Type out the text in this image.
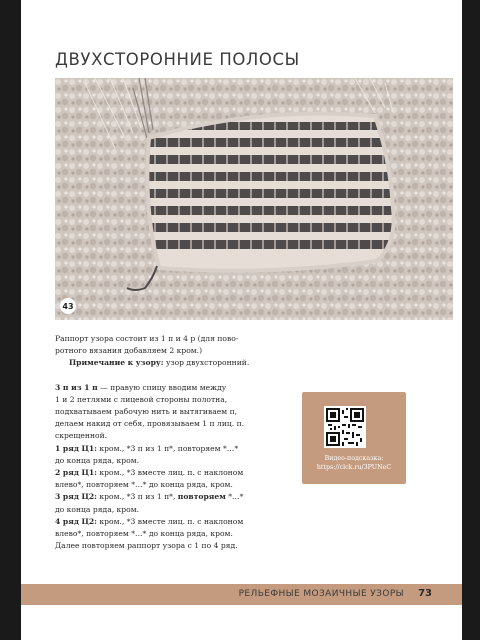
ДВУХСТОРОННИЕ ПОЛОСЫ
43

Раппорт узора состоит из 1 п и 4 р (для пово-

ротного вязания добавляем 2 кром.)

Примечание к узору: узор двухсторонний.

3 п из 1 п — правую спицу вводим между

1 и 2 петлями с лицевой стороны полотна,

подхватываем рабочую нить и вытягиваем п,

делаем накид от себя, провязываем 1 п лиц. п.

скрещенной.

1 ряд Ц1: кром., *3 п из 1 п*, повторяем *…*

до конца ряда, кром.

2 ряд Ц1: кром., *3 вместе лиц. п. с наклоном

влево*, повторяем *…* до конца ряда, кром.

3 ряд Ц2: кром., *3 п из 1 п*, повторяем *…*

до конца ряда, кром.

4 ряд Ц2: кром., *3 вместе лиц. п. с наклоном

влево*, повторяем *…* до конца ряда, кром.

Далее повторяем раппорт узора с 1 по 4 ряд.

Видео-подсказка:
https://clck.ru/3PUNeC
РЕЛЬЕФНЫЕ МОЗАИЧНЫЕ УЗОРЫ 73
